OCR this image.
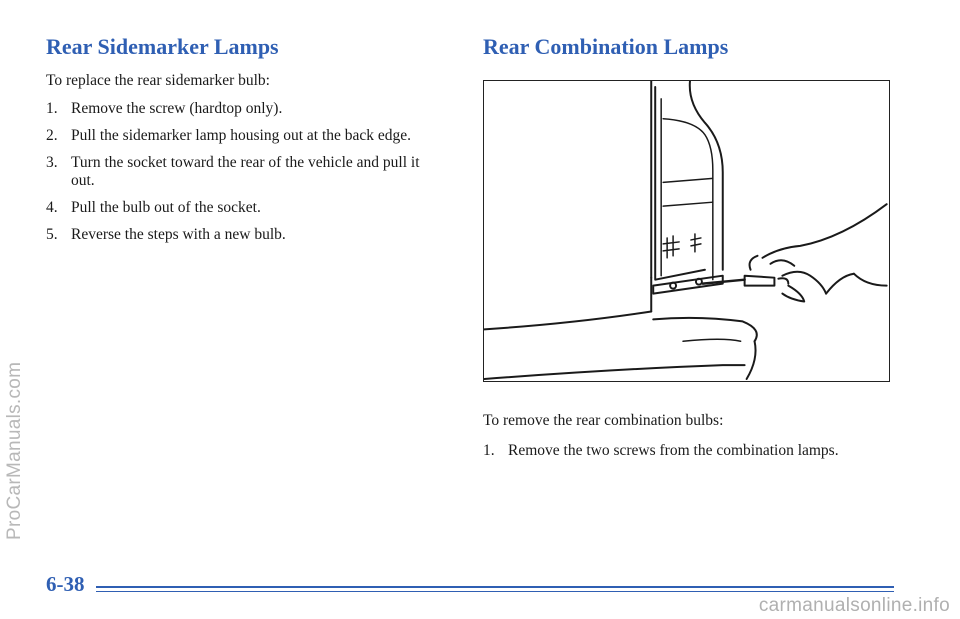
ProCarManuals.com
Rear Sidemarker Lamps

To replace the rear sidemarker bulb:

1. Remove the screw (hardtop only).
2. Pull the sidemarker lamp housing out at the back edge.
3. Turn the socket toward the rear of the vehicle and pull it out.
4. Pull the bulb out of the socket.
5. Reverse the steps with a new bulb.
Rear Combination Lamps

To remove the rear combination bulbs:

1. Remove the two screws from the combination lamps.
6-38
carmanualsonline.info
